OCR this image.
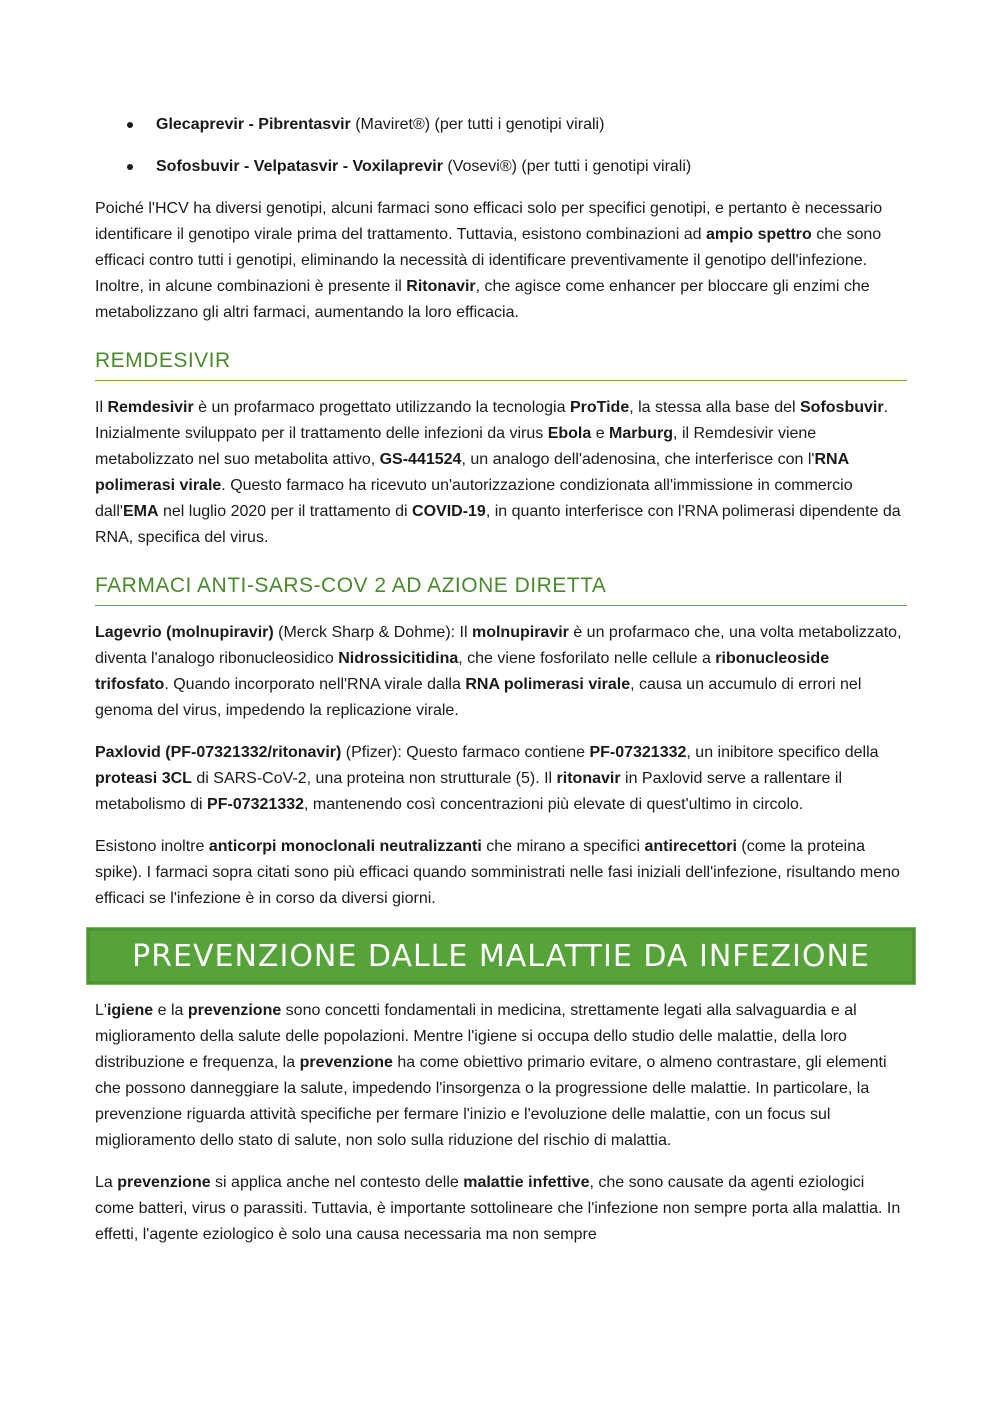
Glecaprevir - Pibrentasvir (Maviret®) (per tutti i genotipi virali)
Sofosbuvir - Velpatasvir - Voxilaprevir (Vosevi®) (per tutti i genotipi virali)

Poiché l'HCV ha diversi genotipi, alcuni farmaci sono efficaci solo per specifici genotipi, e pertanto è necessario identificare il genotipo virale prima del trattamento. Tuttavia, esistono combinazioni ad ampio spettro che sono efficaci contro tutti i genotipi, eliminando la necessità di identificare preventivamente il genotipo dell'infezione. Inoltre, in alcune combinazioni è presente il Ritonavir, che agisce come enhancer per bloccare gli enzimi che metabolizzano gli altri farmaci, aumentando la loro efficacia.

REMDESIVIR

Il Remdesivir è un profarmaco progettato utilizzando la tecnologia ProTide, la stessa alla base del Sofosbuvir. Inizialmente sviluppato per il trattamento delle infezioni da virus Ebola e Marburg, il Remdesivir viene metabolizzato nel suo metabolita attivo, GS-441524, un analogo dell'adenosina, che interferisce con l'RNA polimerasi virale. Questo farmaco ha ricevuto un'autorizzazione condizionata all'immissione in commercio dall'EMA nel luglio 2020 per il trattamento di COVID-19, in quanto interferisce con l'RNA polimerasi dipendente da RNA, specifica del virus.

FARMACI ANTI-SARS-COV 2 AD AZIONE DIRETTA

Lagevrio (molnupiravir) (Merck Sharp & Dohme): Il molnupiravir è un profarmaco che, una volta metabolizzato, diventa l'analogo ribonucleosidico Nidrossicitidina, che viene fosforilato nelle cellule a ribonucleoside trifosfato. Quando incorporato nell'RNA virale dalla RNA polimerasi virale, causa un accumulo di errori nel genoma del virus, impedendo la replicazione virale.

Paxlovid (PF-07321332/ritonavir) (Pfizer): Questo farmaco contiene PF-07321332, un inibitore specifico della proteasi 3CL di SARS-CoV-2, una proteina non strutturale (5). Il ritonavir in Paxlovid serve a rallentare il metabolismo di PF-07321332, mantenendo così concentrazioni più elevate di quest'ultimo in circolo.

Esistono inoltre anticorpi monoclonali neutralizzanti che mirano a specifici antirecettori (come la proteina spike). I farmaci sopra citati sono più efficaci quando somministrati nelle fasi iniziali dell'infezione, risultando meno efficaci se l'infezione è in corso da diversi giorni.

PREVENZIONE DALLE MALATTIE DA INFEZIONE

L'igiene e la prevenzione sono concetti fondamentali in medicina, strettamente legati alla salvaguardia e al miglioramento della salute delle popolazioni. Mentre l'igiene si occupa dello studio delle malattie, della loro distribuzione e frequenza, la prevenzione ha come obiettivo primario evitare, o almeno contrastare, gli elementi che possono danneggiare la salute, impedendo l'insorgenza o la progressione delle malattie. In particolare, la prevenzione riguarda attività specifiche per fermare l'inizio e l'evoluzione delle malattie, con un focus sul miglioramento dello stato di salute, non solo sulla riduzione del rischio di malattia.

La prevenzione si applica anche nel contesto delle malattie infettive, che sono causate da agenti eziologici come batteri, virus o parassiti. Tuttavia, è importante sottolineare che l'infezione non sempre porta alla malattia. In effetti, l'agente eziologico è solo una causa necessaria ma non sempre
